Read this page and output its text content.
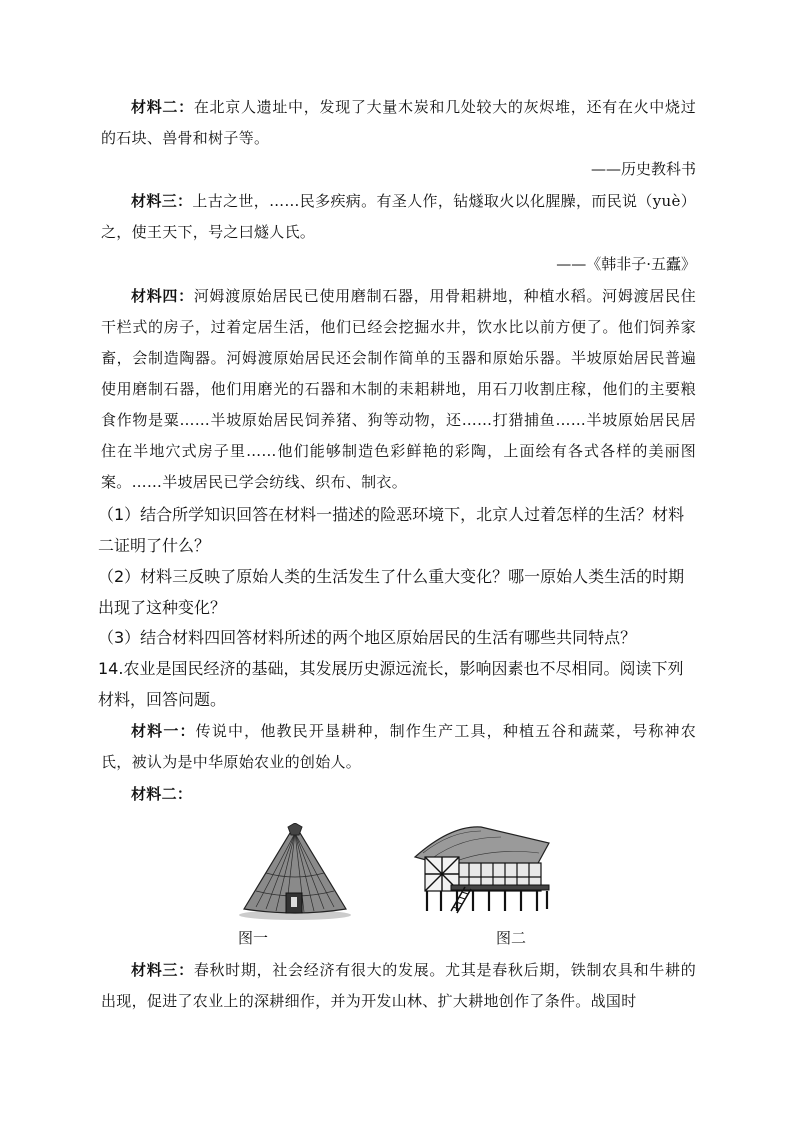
材料二：在北京人遗址中，发现了大量木炭和几处较大的灰烬堆，还有在火中烧过的石块、兽骨和树子等。

——历史教科书

材料三：上古之世，……民多疾病。有圣人作，钻燧取火以化腥臊，而民说（yuè）之，使王天下，号之曰燧人氏。

——《韩非子·五蠹》

材料四：河姆渡原始居民已使用磨制石器，用骨耜耕地，种植水稻。河姆渡居民住干栏式的房子，过着定居生活，他们已经会挖掘水井，饮水比以前方便了。他们饲养家畜，会制造陶器。河姆渡原始居民还会制作简单的玉器和原始乐器。半坡原始居民普遍使用磨制石器，他们用磨光的石器和木制的耒耜耕地，用石刀收割庄稼，他们的主要粮食作物是粟……半坡原始居民饲养猪、狗等动物，还……打猎捕鱼……半坡原始居民居住在半地穴式房子里……他们能够制造色彩鲜艳的彩陶，上面绘有各式各样的美丽图案。……半坡居民已学会纺线、织布、制衣。

（1）结合所学知识回答在材料一描述的险恶环境下，北京人过着怎样的生活？材料二证明了什么？

（2）材料三反映了原始人类的生活发生了什么重大变化？哪一原始人类生活的时期出现了这种变化？

（3）结合材料四回答材料所述的两个地区原始居民的生活有哪些共同特点？

14.农业是国民经济的基础，其发展历史源远流长，影响因素也不尽相同。阅读下列材料，回答问题。

材料一：传说中，他教民开垦耕种，制作生产工具，种植五谷和蔬菜，号称神农氏，被认为是中华原始农业的创始人。

材料二：

图一	图二

材料三：春秋时期，社会经济有很大的发展。尤其是春秋后期，铁制农具和牛耕的出现，促进了农业上的深耕细作，并为开发山林、扩大耕地创作了条件。战国时
